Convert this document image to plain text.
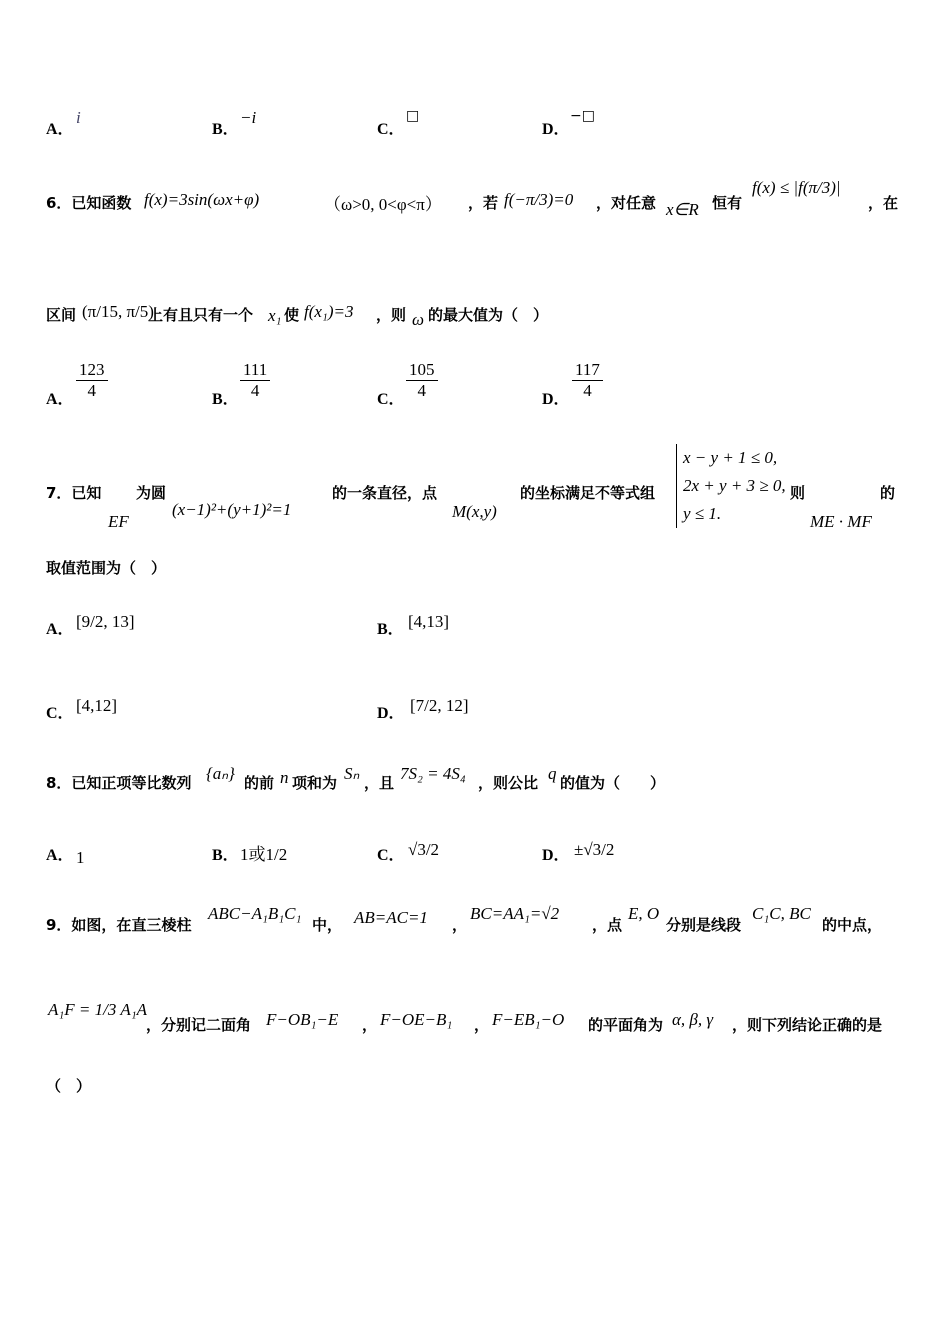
A．
i
B．
−i
C．
□
D．
−□
6．已知函数 f(x)=3sin(ωx+φ)	（ω>0, 0<φ<π） ，若 f(−π/3)=0 ，对任意 x∈R 恒有
f(x) ≤ |f(π/3)|
，在
区间 (π/15, π/5)
上有且只有一个 x₁ 使 f(x₁)=3 ，则 ω 的最大值为（　）
A． $\frac{123}{4}$	B． $\frac{111}{4}$	C． $\frac{105}{4}$	D． $\frac{117}{4}$
7．已知
EF
为圆
(x−1)²+(y+1)²=1
的一条直径，点
M(x,y)
的坐标满足不等式组
x − y + 1 ≤ 0,
2x + y + 3 ≥ 0,
y ≤ 1.
则
ME · MF
的
取值范围为（　）
A． [9/2, 13]	B． [4,13]
C． [4,12]	D． [7/2, 12]
8．已知正项等比数列 {aₙ} 的前 n 项和为 Sₙ ，且 7S₂ = 4S₄ ，则公比 q 的值为（　　）
A． 1	B． 1或1/2	C． √3/2	D． ±√3/2
9．如图，在直三棱柱
ABC−A₁B₁C₁
中， AB=AC=1 ，
BC=AA₁=√2
，点
E, O
分别是线段
C₁C, BC
的中点，
A₁F = 1/3 A₁A
，分别记二面角 F−OB₁−E ， F−OE−B₁ ， F−EB₁−O 的平面角为 α, β, γ ，则下列结论正确的是
（　）
